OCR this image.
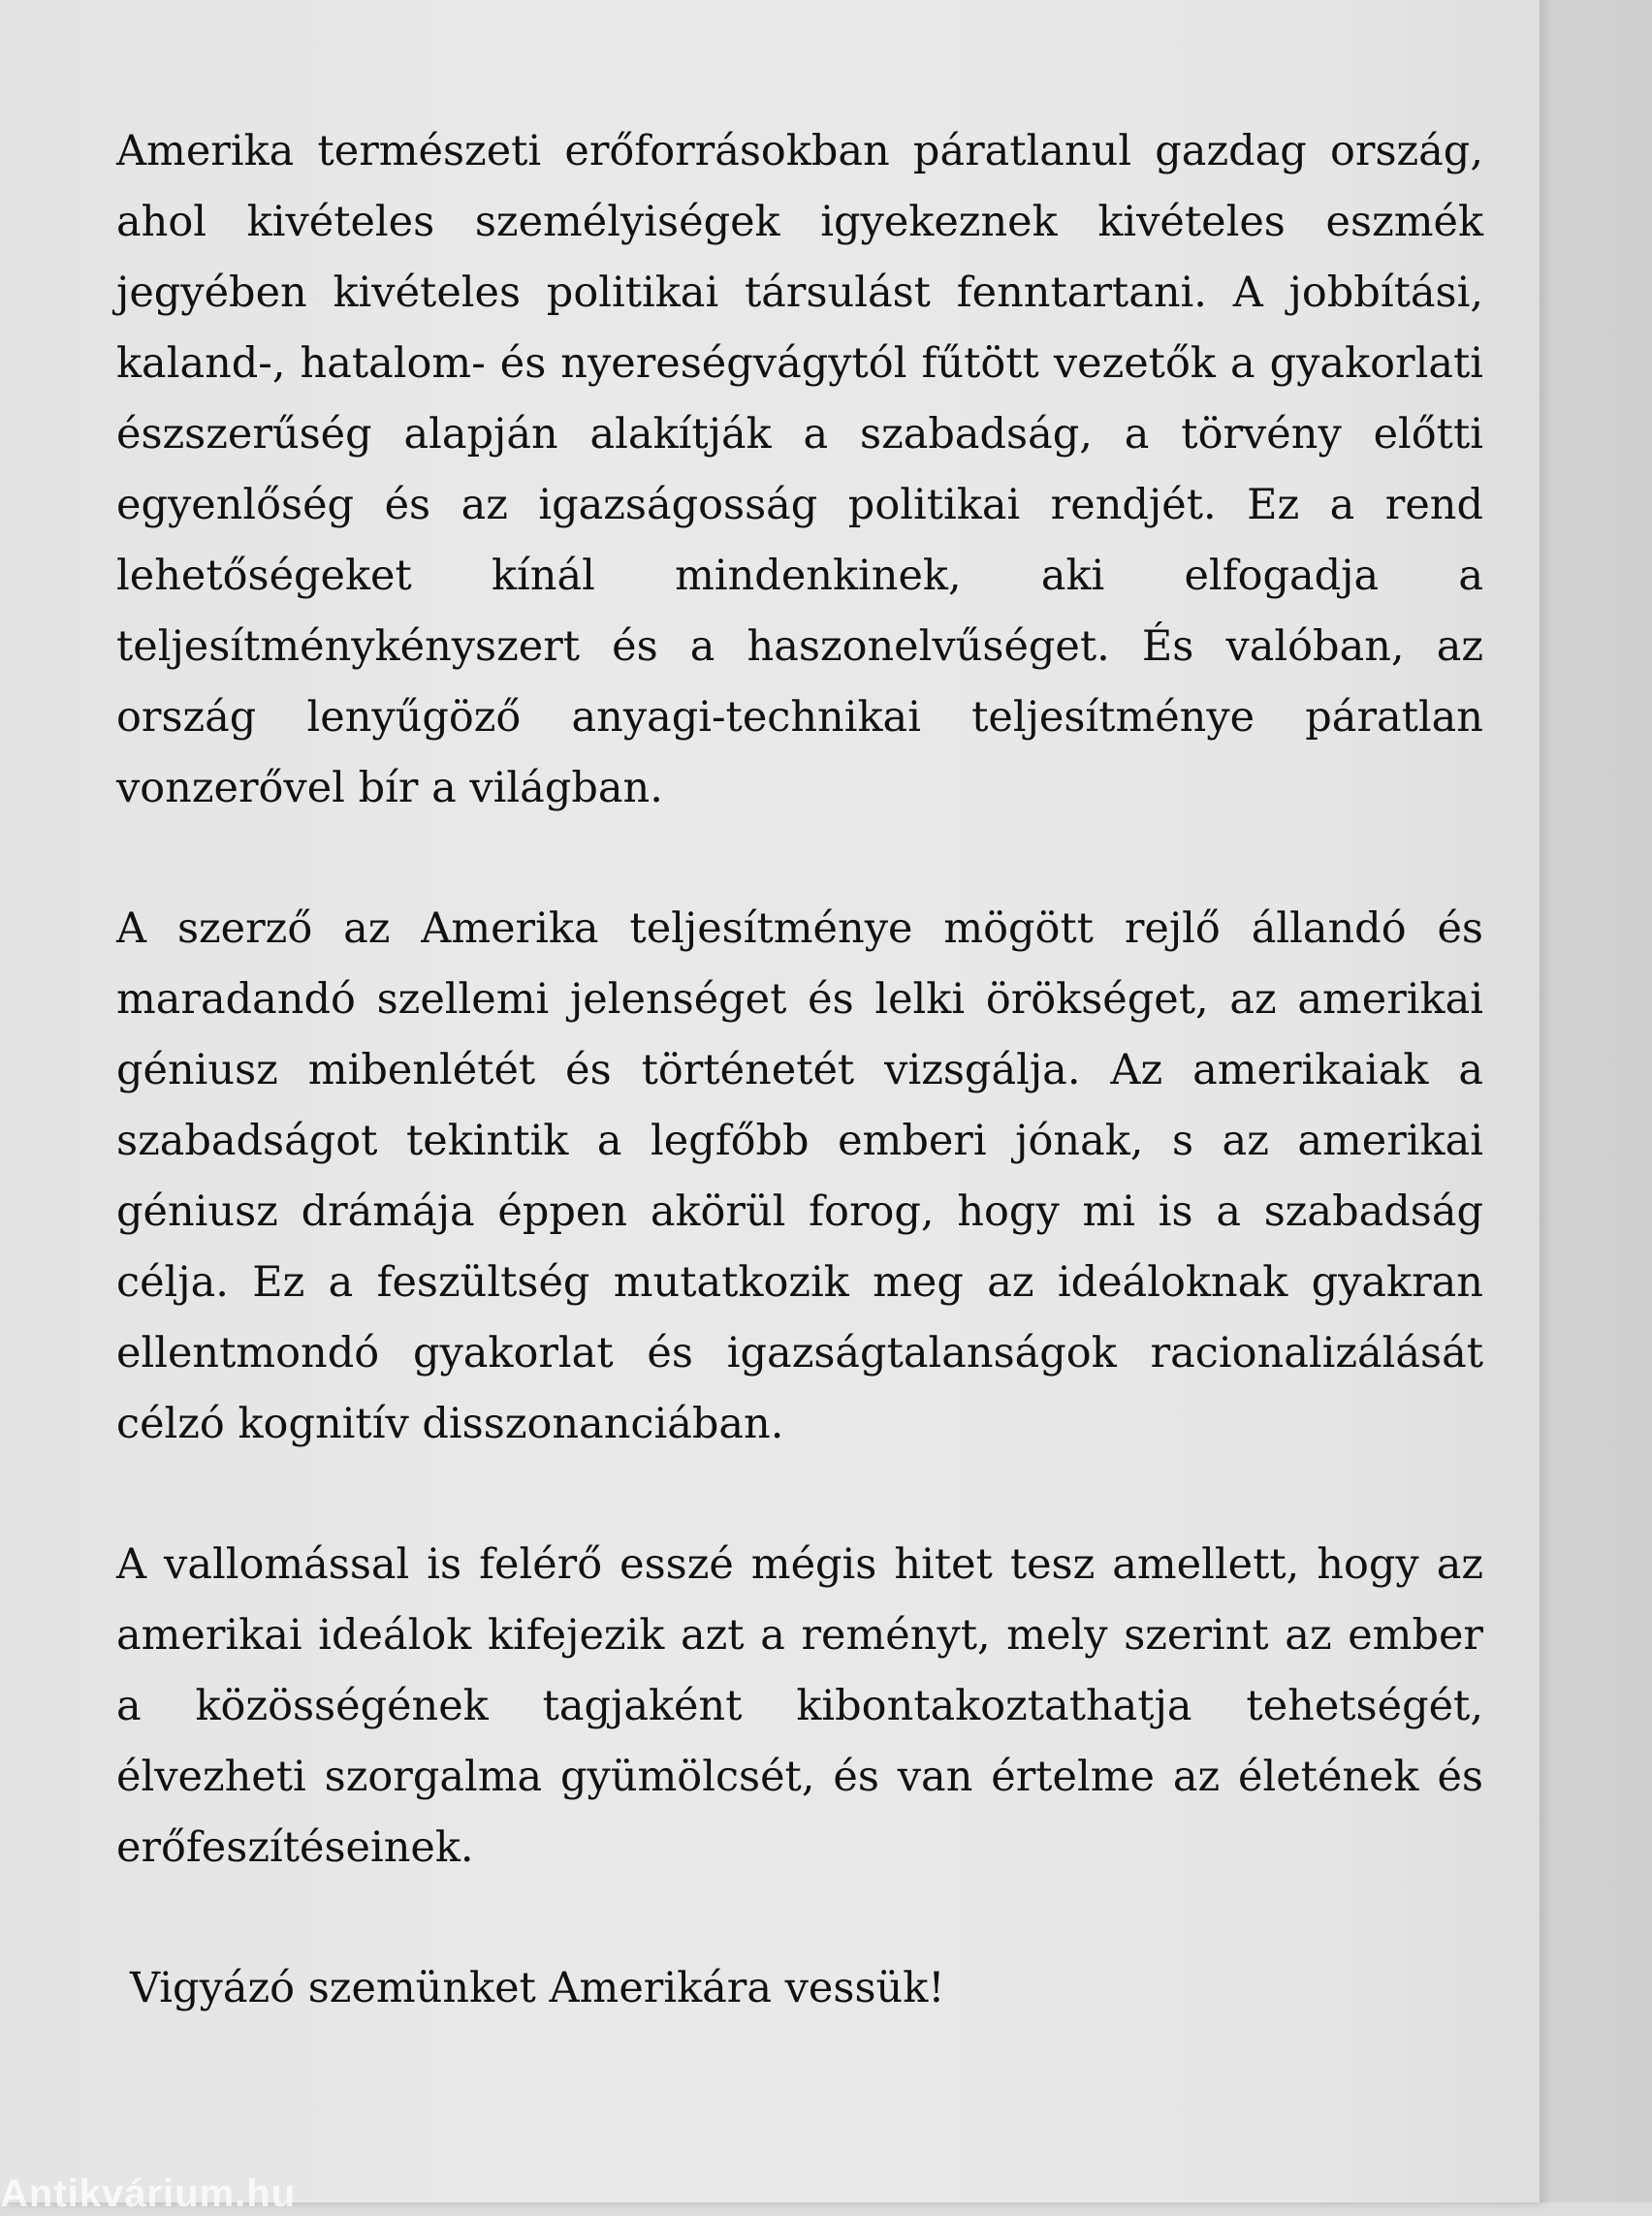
Amerika természeti erőforrásokban páratlanul gazdag ország, ahol kivételes személyiségek igyekeznek kivételes eszmék jegyében kivételes politikai társulást fenntartani. A jobbítási, kaland-, hatalom- és nyereségvágytól fűtött vezetők a gyakorlati észszerűség alapján alakítják a szabadság, a törvény előtti egyenlőség és az igazságosság politikai rendjét. Ez a rend lehetőségeket kínál mindenkinek, aki elfogadja a teljesítménykényszert és a haszonelvűséget. És valóban, az ország lenyűgöző anyagi-technikai teljesítménye páratlan vonzerővel bír a világban.

A szerző az Amerika teljesítménye mögött rejlő állandó és maradandó szellemi jelenséget és lelki örökséget, az amerikai géniusz mibenlétét és történetét vizsgálja. Az amerikaiak a szabadságot tekintik a legfőbb emberi jónak, s az amerikai géniusz drámája éppen akörül forog, hogy mi is a szabadság célja. Ez a feszültség mutatkozik meg az ideáloknak gyakran ellentmondó gyakorlat és igazságtalanságok racionalizálását célzó kognitív disszonanciában.

A vallomással is felérő esszé mégis hitet tesz amellett, hogy az amerikai ideálok kifejezik azt a reményt, mely szerint az ember a közösségének tagjaként kibontakoztathatja tehetségét, élvezheti szorgalma gyümölcsét, és van értelme az életének és erőfeszítéseinek.

Vigyázó szemünket Amerikára vessük!

Antikvárium.hu
